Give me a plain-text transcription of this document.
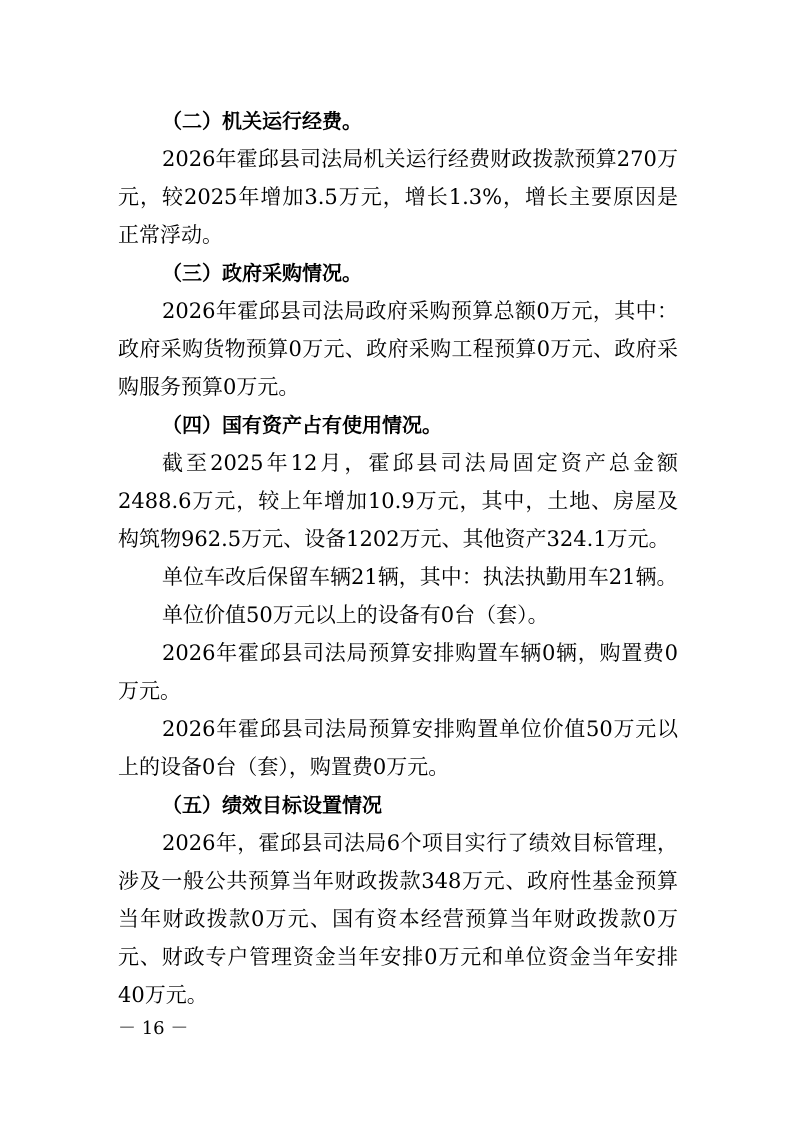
（二）机关运行经费。
2026年霍邱县司法局机关运行经费财政拨款预算270万元，较2025年增加3.5万元，增长1.3%，增长主要原因是正常浮动。
（三）政府采购情况。
2026年霍邱县司法局政府采购预算总额0万元，其中：政府采购货物预算0万元、政府采购工程预算0万元、政府采购服务预算0万元。
（四）国有资产占有使用情况。
截至2025年12月，霍邱县司法局固定资产总金额2488.6万元，较上年增加10.9万元，其中，土地、房屋及构筑物962.5万元、设备1202万元、其他资产324.1万元。
单位车改后保留车辆21辆，其中：执法执勤用车21辆。
单位价值50万元以上的设备有0台（套）。
2026年霍邱县司法局预算安排购置车辆0辆，购置费0万元。
2026年霍邱县司法局预算安排购置单位价值50万元以上的设备0台（套），购置费0万元。
（五）绩效目标设置情况
2026年，霍邱县司法局6个项目实行了绩效目标管理，涉及一般公共预算当年财政拨款348万元、政府性基金预算当年财政拨款0万元、国有资本经营预算当年财政拨款0万元、财政专户管理资金当年安排0万元和单位资金当年安排40万元。
－ 16 －
